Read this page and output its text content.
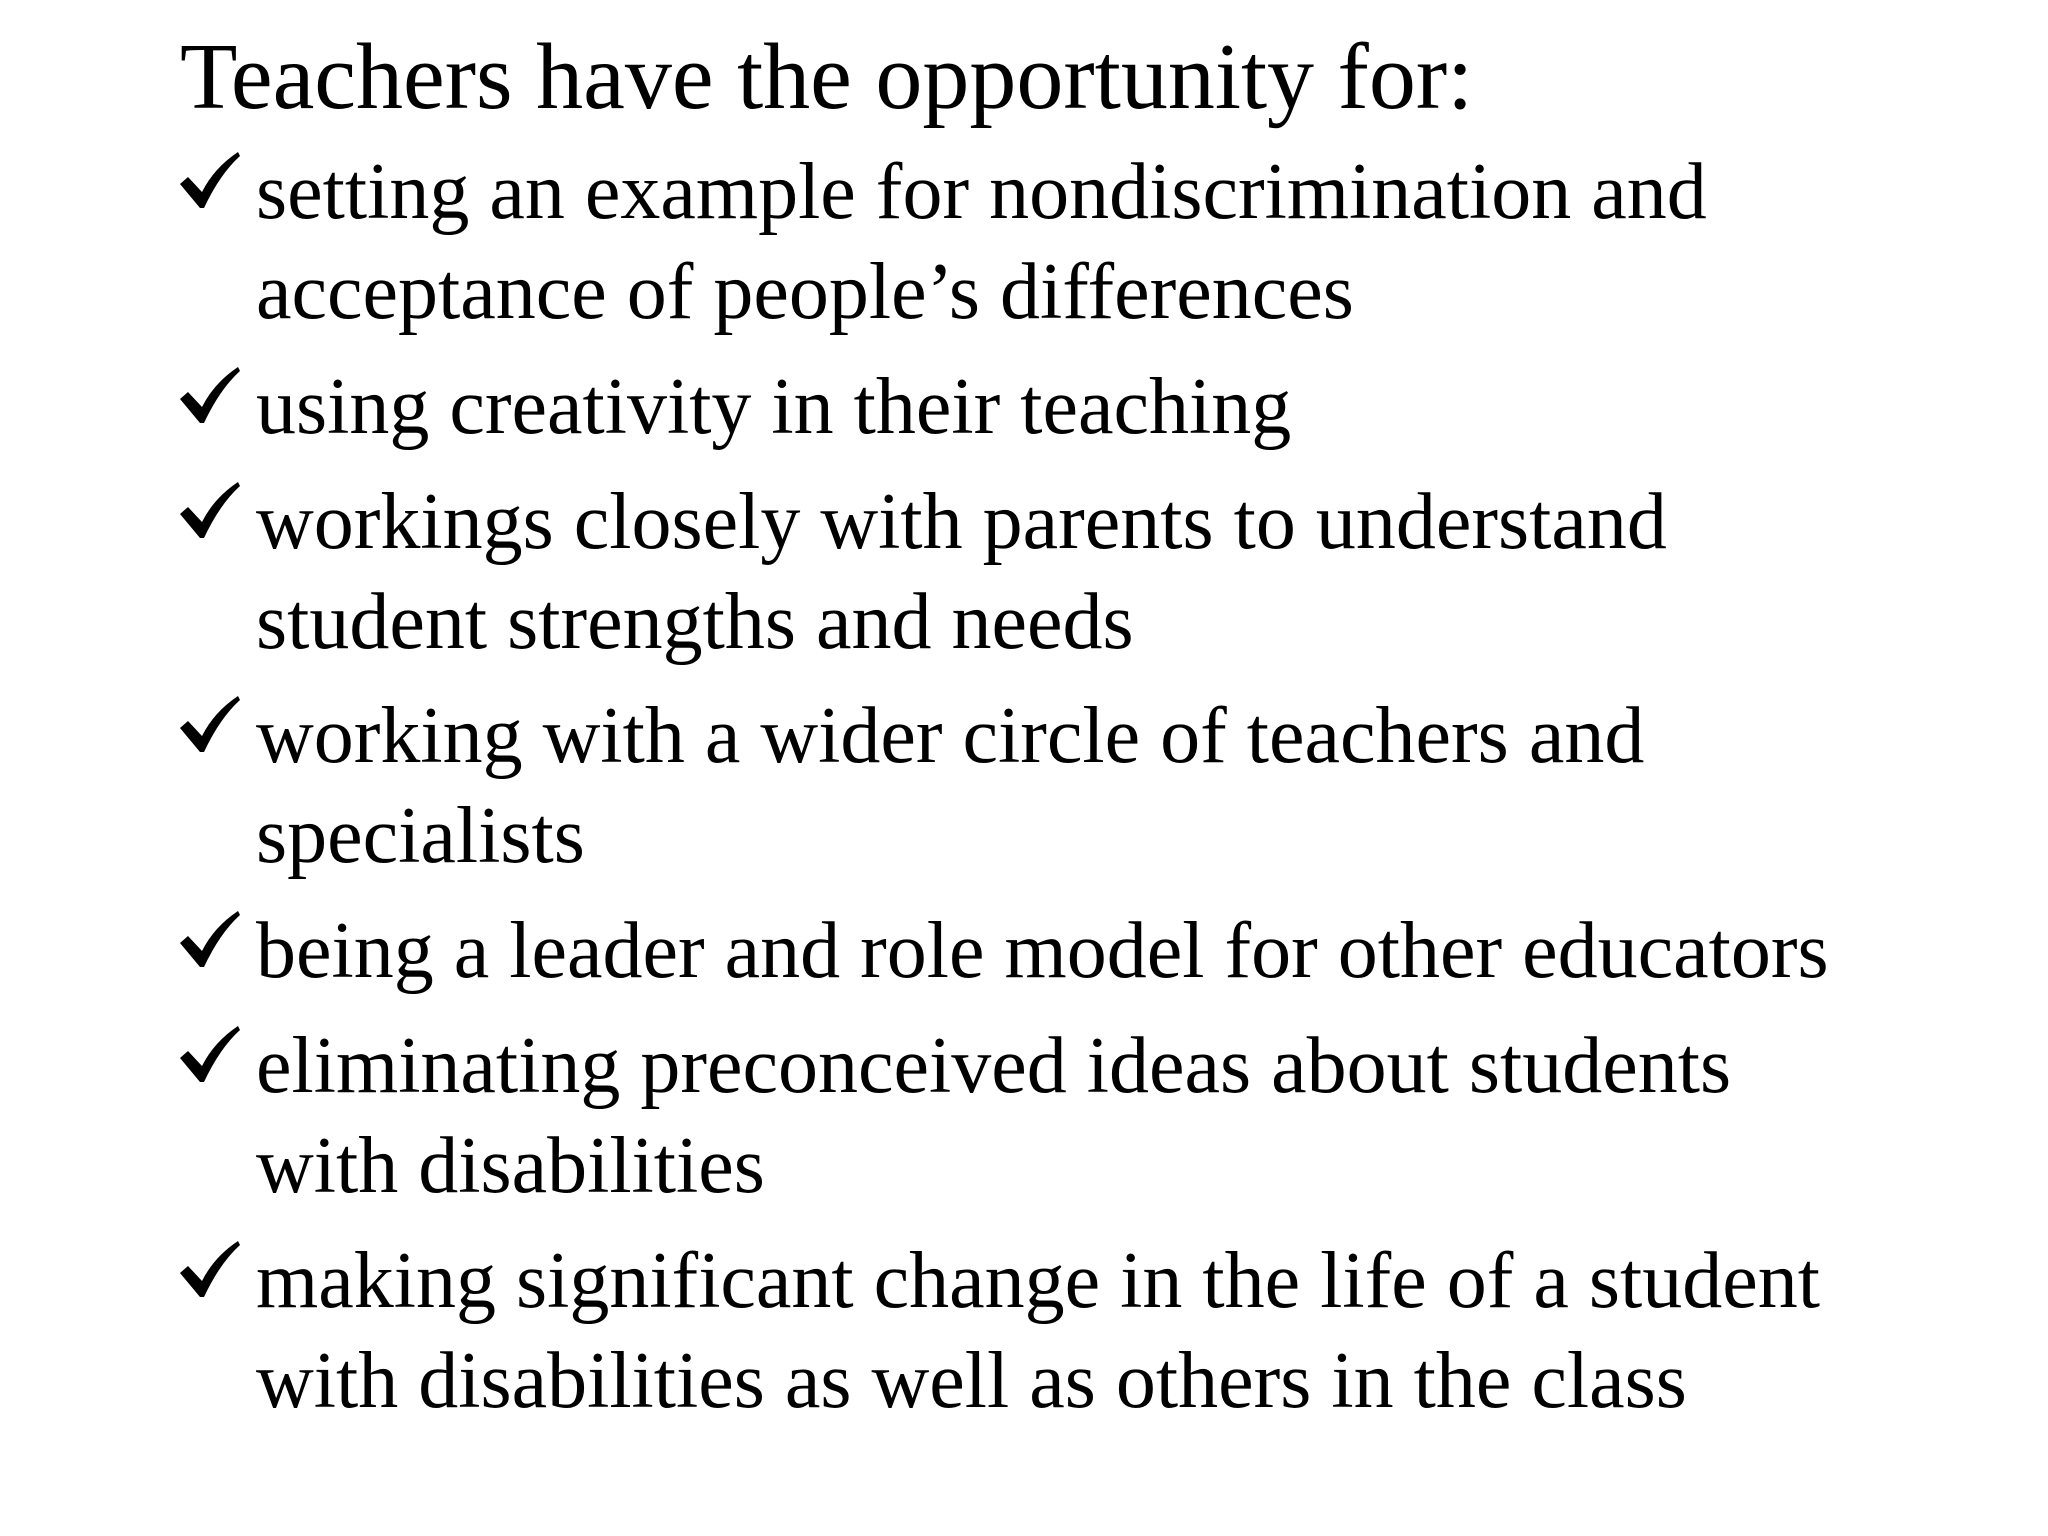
Teachers have the opportunity for:
setting an example for nondiscrimination and
acceptance of people’s differences
using creativity in their teaching
workings closely with parents to understand
student strengths and needs
working with a wider circle of teachers and
specialists
being a leader and role model for other educators
eliminating preconceived ideas about students
with disabilities
making significant change in the life of a student
with disabilities as well as others in the class
